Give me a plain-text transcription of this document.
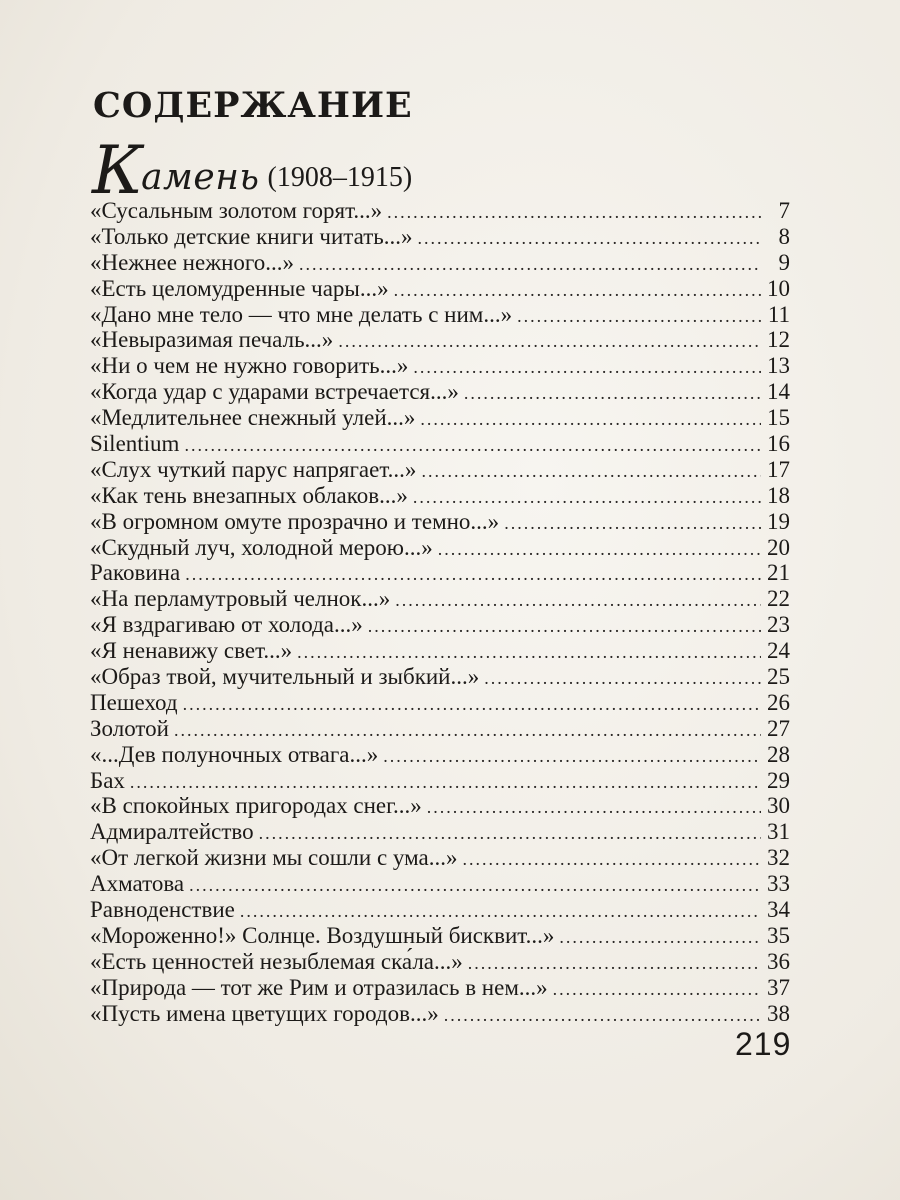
СОДЕРЖАНИЕ
К амень (1908–1915)
«Сусальным золотом горят...» .....	7
«Только детские книги читать...» .....	8
«Нежнее нежного...» .....	9
«Есть целомудренные чары...» .....	10
«Дано мне тело — что мне делать с ним...» .....	11
«Невыразимая печаль...» .....	12
«Ни о чем не нужно говорить...» .....	13
«Когда удар с ударами встречается...» .....	14
«Медлительнее снежный улей...» .....	15
Silentium .....	16
«Слух чуткий парус напрягает...» .....	17
«Как тень внезапных облаков...» .....	18
«В огромном омуте прозрачно и темно...» .....	19
«Скудный луч, холодной мерою...» .....	20
Раковина .....	21
«На перламутровый челнок...» .....	22
«Я вздрагиваю от холода...» .....	23
«Я ненавижу свет...» .....	24
«Образ твой, мучительный и зыбкий...» .....	25
Пешеход .....	26
Золотой .....	27
«...Дев полуночных отвага...» .....	28
Бах .....	29
«В спокойных пригородах снег...» .....	30
Адмиралтейство .....	31
«От легкой жизни мы сошли с ума...» .....	32
Ахматова .....	33
Равноденствие .....	34
«Мороженно!» Солнце. Воздушный бисквит...» .....	35
«Есть ценностей незыблемая ска́ла...» .....	36
«Природа — тот же Рим и отразилась в нем...» .....	37
«Пусть имена цветущих городов...» .....	38
219
